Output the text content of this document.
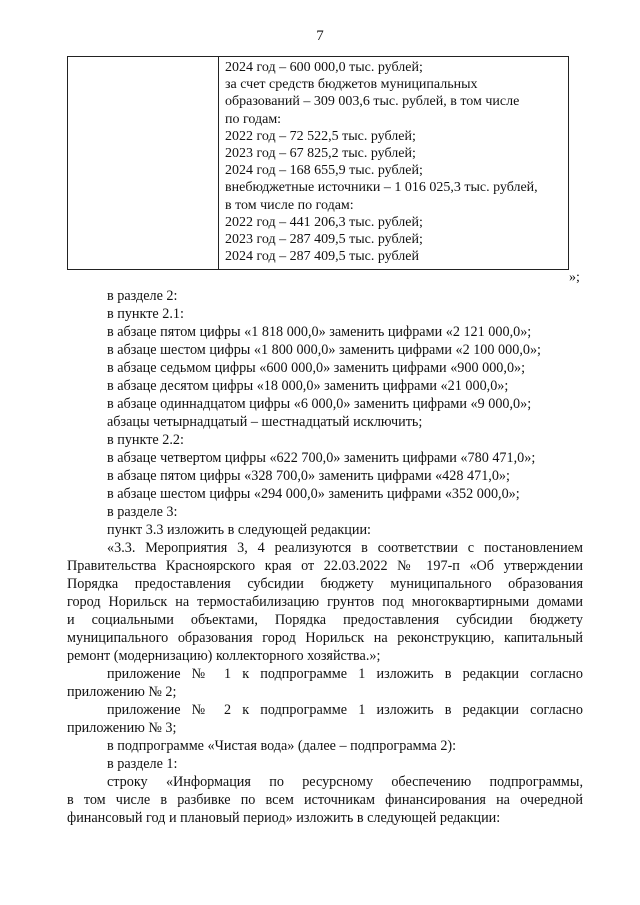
7
2024 год – 600 000,0 тыс. рублей;
за счет средств бюджетов муниципальных
образований – 309 003,6 тыс. рублей, в том числе
по годам:
2022 год – 72 522,5 тыс. рублей;
2023 год – 67 825,2 тыс. рублей;
2024 год – 168 655,9 тыс. рублей;
внебюджетные источники – 1 016 025,3 тыс. рублей,
в том числе по годам:
2022 год – 441 206,3 тыс. рублей;
2023 год – 287 409,5 тыс. рублей;
2024 год – 287 409,5 тыс. рублей
»;
в разделе 2:
в пункте 2.1:
в абзаце пятом цифры «1 818 000,0» заменить цифрами «2 121 000,0»;
в абзаце шестом цифры «1 800 000,0» заменить цифрами «2 100 000,0»;
в абзаце седьмом цифры «600 000,0» заменить цифрами «900 000,0»;
в абзаце десятом цифры «18 000,0» заменить цифрами «21 000,0»;
в абзаце одиннадцатом цифры «6 000,0» заменить цифрами «9 000,0»;
абзацы четырнадцатый – шестнадцатый исключить;
в пункте 2.2:
в абзаце четвертом цифры «622 700,0» заменить цифрами «780 471,0»;
в абзаце пятом цифры «328 700,0» заменить цифрами «428 471,0»;
в абзаце шестом цифры «294 000,0» заменить цифрами «352 000,0»;
в разделе 3:
пункт 3.3 изложить в следующей редакции:
«3.3. Мероприятия 3, 4 реализуются в соответствии с постановлением
Правительства Красноярского края от 22.03.2022 № 197-п «Об утверждении
Порядка предоставления субсидии бюджету муниципального образования
город Норильск на термостабилизацию грунтов под многоквартирными домами
и социальными объектами, Порядка предоставления субсидии бюджету
муниципального образования город Норильск на реконструкцию, капитальный
ремонт (модернизацию) коллекторного хозяйства.»;
приложение № 1 к подпрограмме 1 изложить в редакции согласно
приложению № 2;
приложение № 2 к подпрограмме 1 изложить в редакции согласно
приложению № 3;
в подпрограмме «Чистая вода» (далее – подпрограмма 2):
в разделе 1:
строку «Информация по ресурсному обеспечению подпрограммы,
в том числе в разбивке по всем источникам финансирования на очередной
финансовый год и плановый период» изложить в следующей редакции:
